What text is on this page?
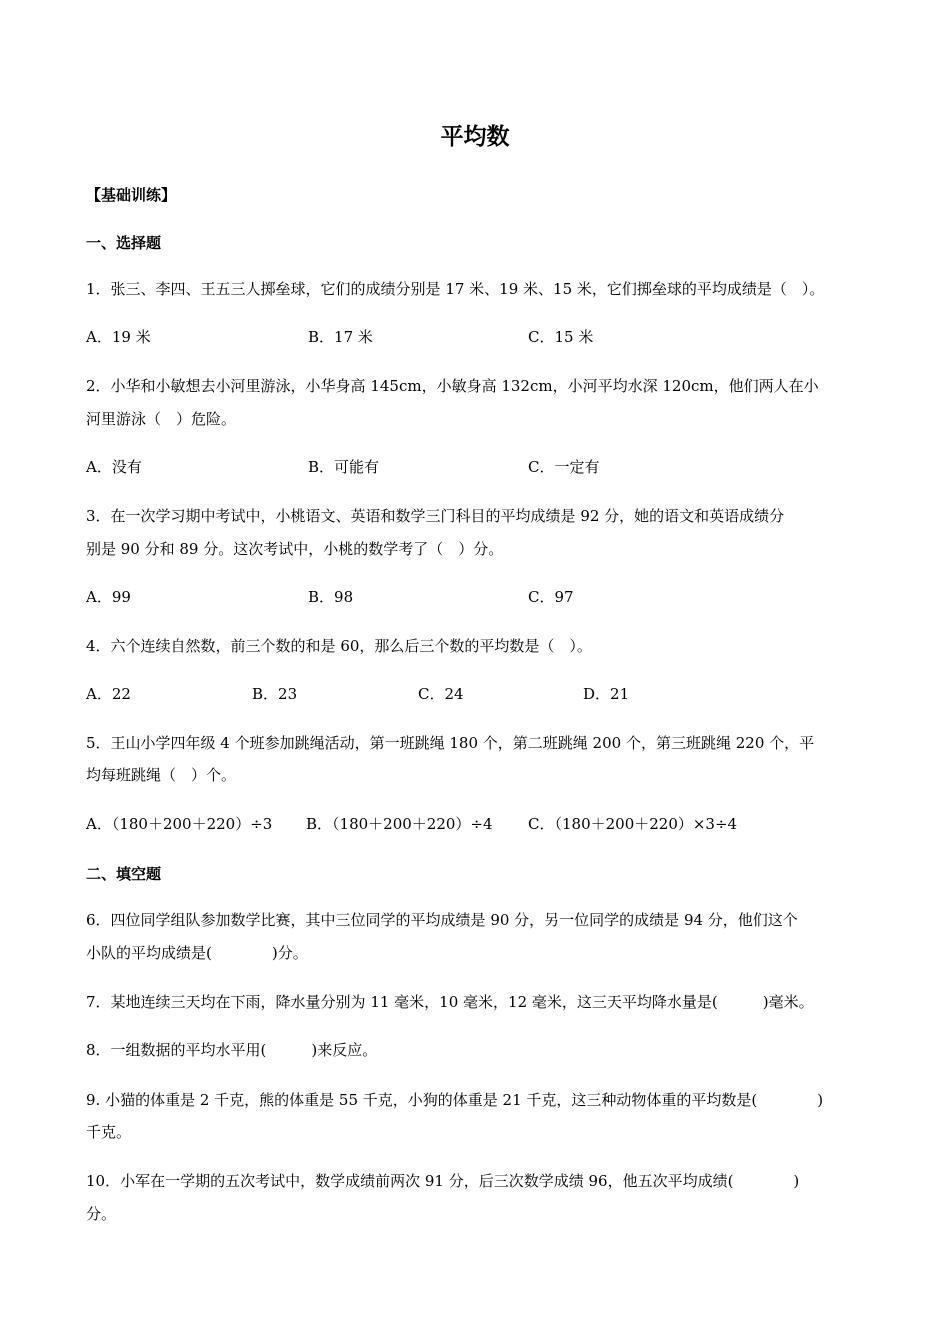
平均数
【基础训练】
一、选择题
1．张三、李四、王五三人掷垒球，它们的成绩分别是 17 米、19 米、15 米，它们掷垒球的平均成绩是（　）。
A．19 米	B．17 米	C．15 米
2．小华和小敏想去小河里游泳，小华身高 145cm，小敏身高 132cm，小河平均水深 120cm，他们两人在小
河里游泳（　）危险。
A．没有	B．可能有	C．一定有
3．在一次学习期中考试中，小桃语文、英语和数学三门科目的平均成绩是 92 分，她的语文和英语成绩分
别是 90 分和 89 分。这次考试中，小桃的数学考了（　）分。
A．99	B．98	C．97
4．六个连续自然数，前三个数的和是 60，那么后三个数的平均数是（　）。
A．22	B．23	C．24	D．21
5．王山小学四年级 4 个班参加跳绳活动，第一班跳绳 180 个，第二班跳绳 200 个，第三班跳绳 220 个，平
均每班跳绳（　）个。
A．（180＋200＋220）÷3 B．（180＋200＋220）÷4 C．（180＋200＋220）×3÷4
二、填空题
6．四位同学组队参加数学比赛，其中三位同学的平均成绩是 90 分，另一位同学的成绩是 94 分，他们这个
小队的平均成绩是(　　　　)分。
7．某地连续三天均在下雨，降水量分别为 11 毫米，10 毫米，12 毫米，这三天平均降水量是(　　　)毫米。
8．一组数据的平均水平用(　　　)来反应。
9. 小猫的体重是 2 千克，熊的体重是 55 千克，小狗的体重是 21 千克，这三种动物体重的平均数是(　　　　)
千克。
10．小军在一学期的五次考试中，数学成绩前两次 91 分，后三次数学成绩 96，他五次平均成绩(　　　　)
分。
